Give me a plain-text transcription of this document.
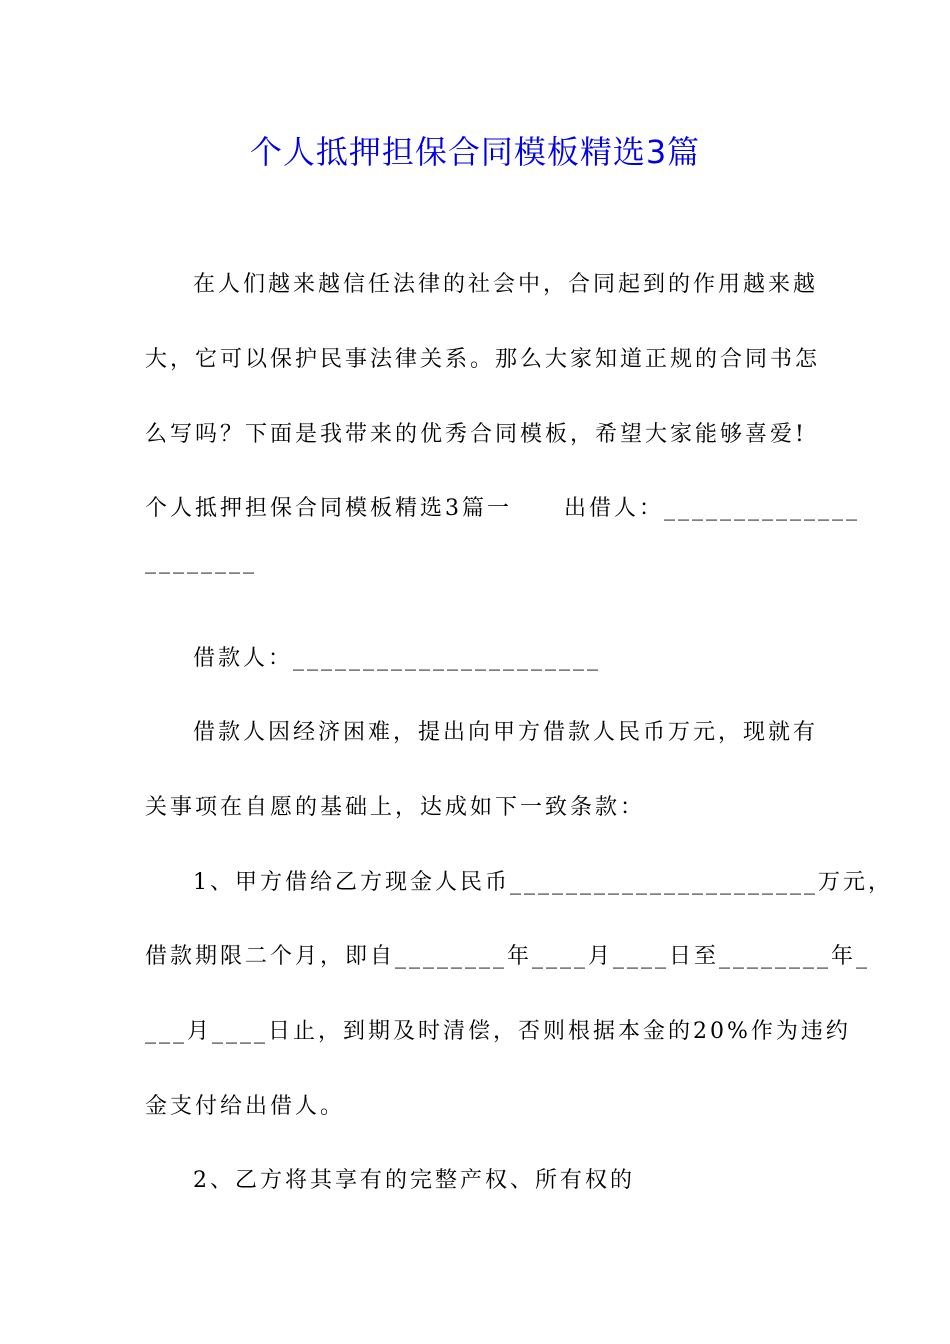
个人抵押担保合同模板精选3篇
在人们越来越信任法律的社会中，合同起到的作用越来越
大，它可以保护民事法律关系。那么大家知道正规的合同书怎
么写吗？下面是我带来的优秀合同模板，希望大家能够喜爱!
个人抵押担保合同模板精选3篇一 出借人：______________
________
借款人：______________________
借款人因经济困难，提出向甲方借款人民币万元，现就有
关事项在自愿的基础上，达成如下一致条款：
1、甲方借给乙方现金人民币______________________万元，
借款期限二个月，即自________年____月____日至________年_
___月____日止，到期及时清偿，否则根据本金的20%作为违约
金支付给出借人。
2、乙方将其享有的完整产权、所有权的
